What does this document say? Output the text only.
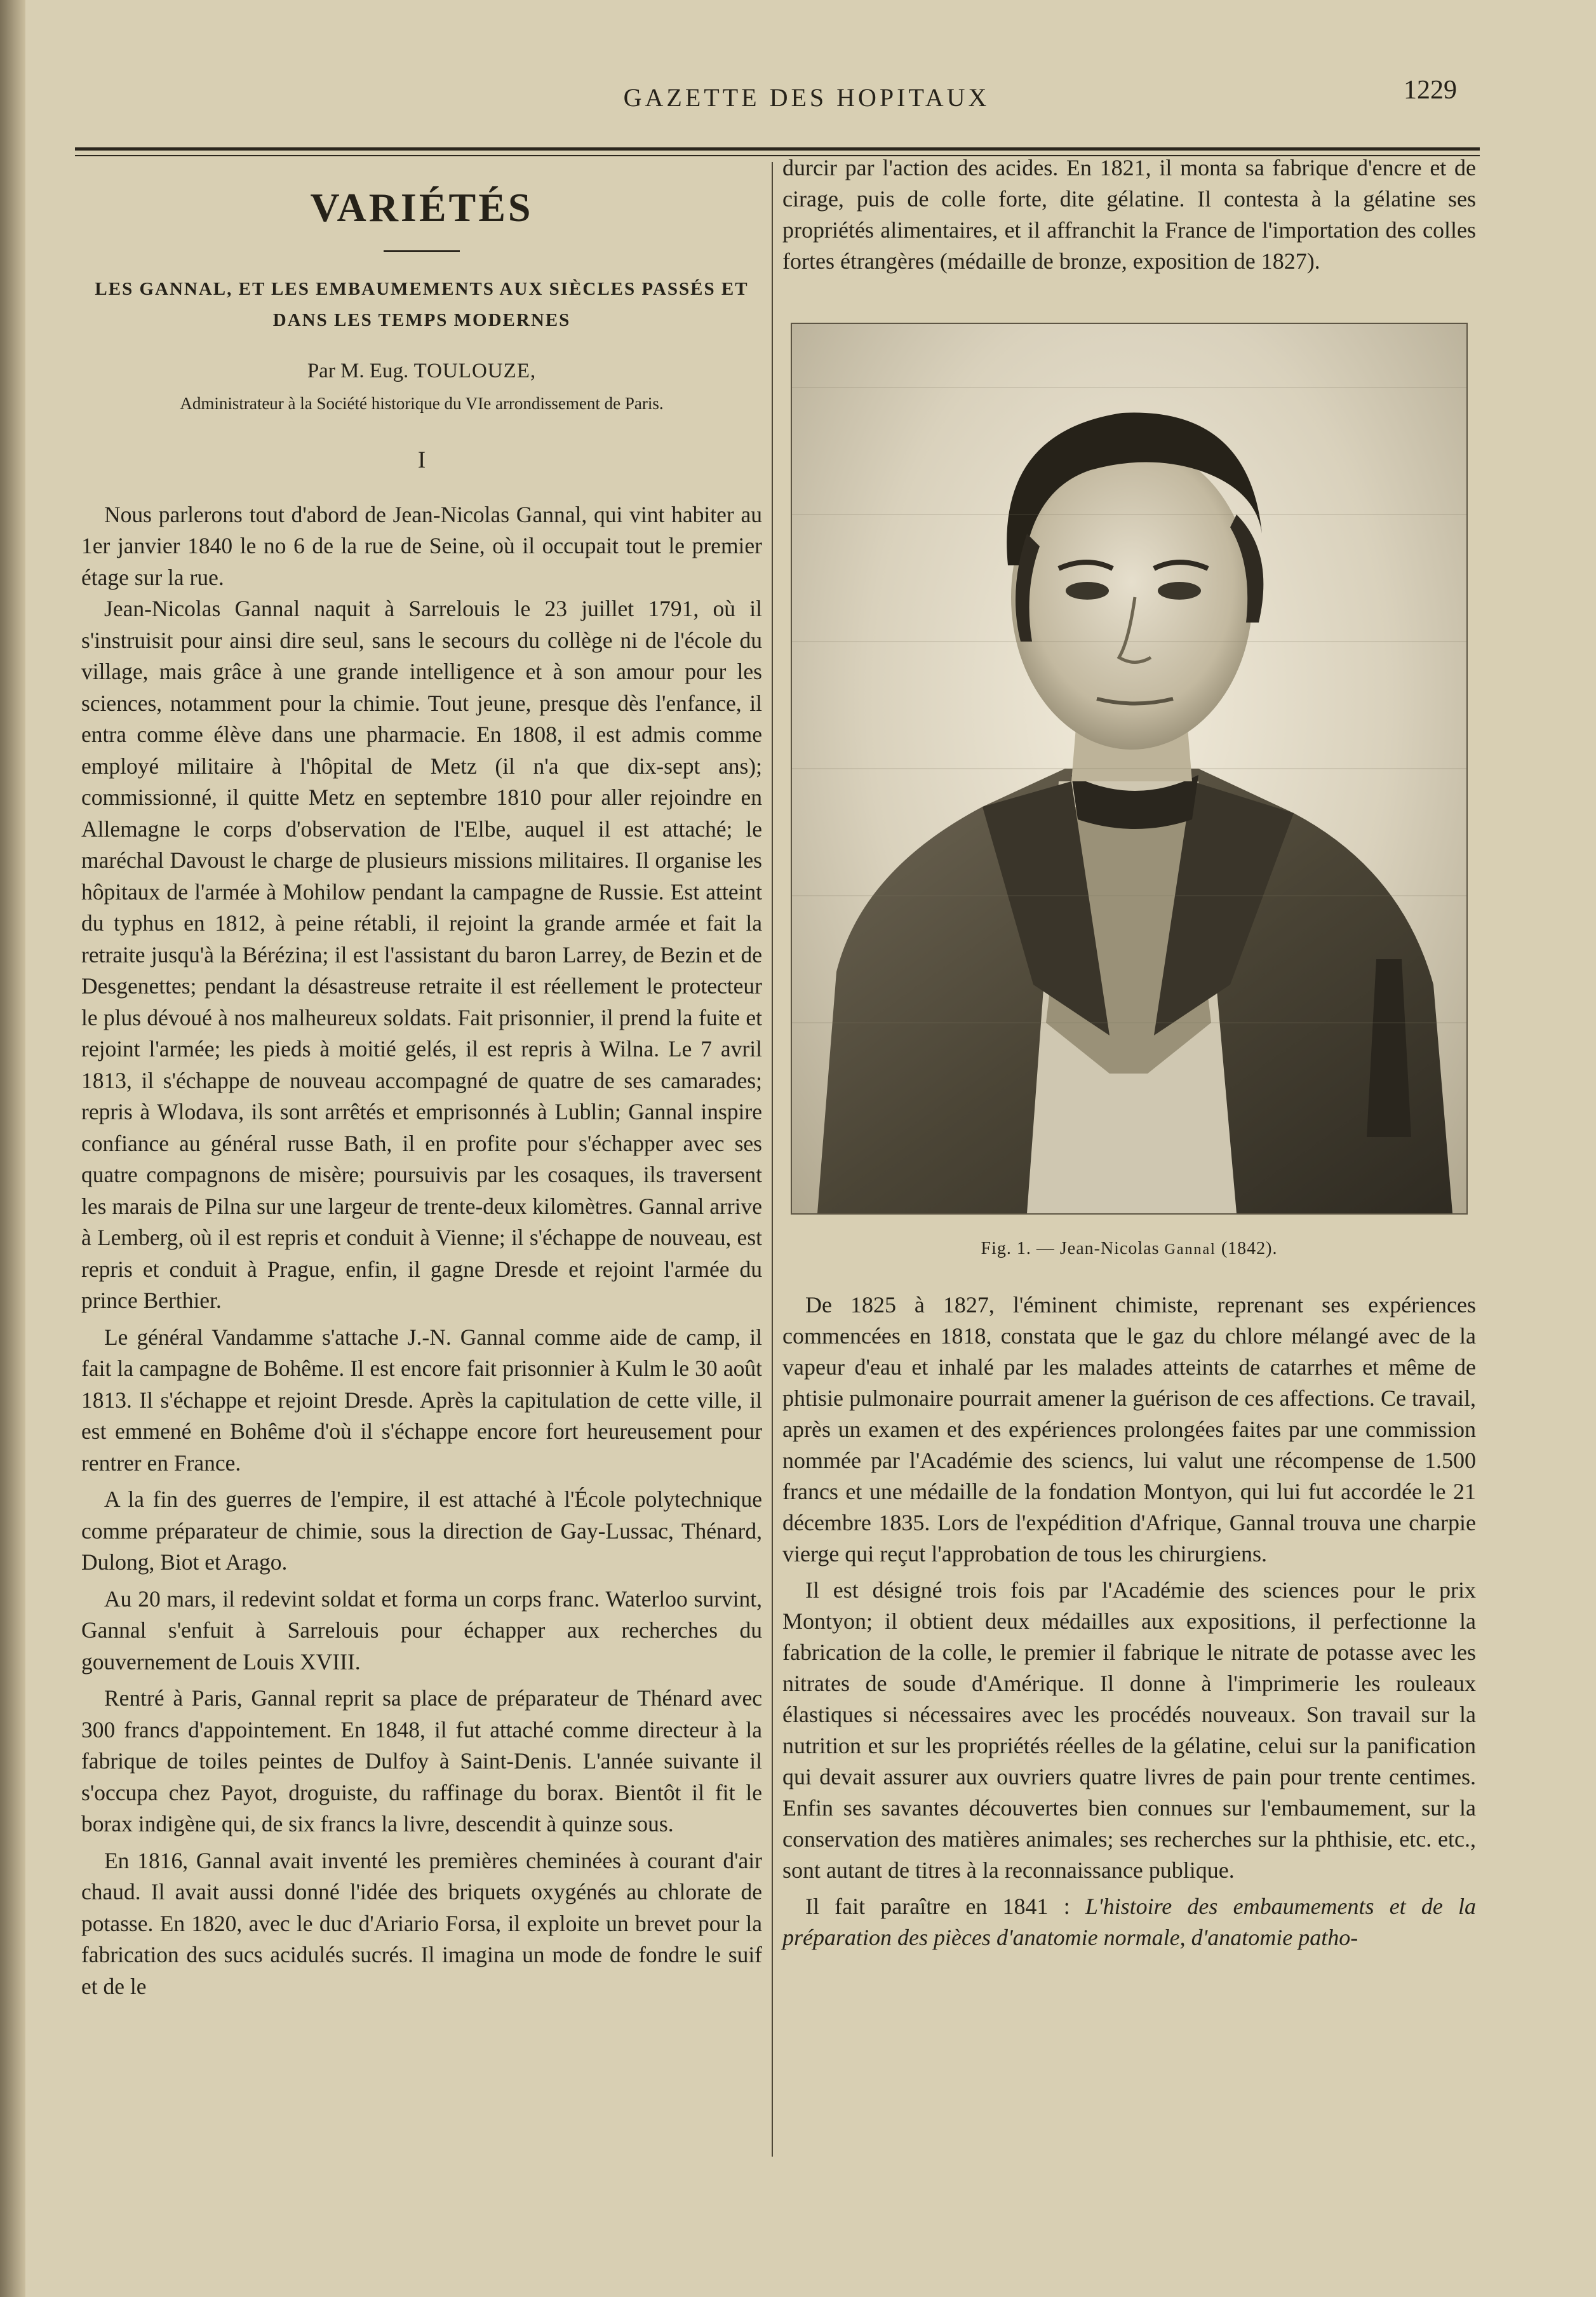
GAZETTE DES HOPITAUX	1229
VARIÉTÉS
LES GANNAL, ET LES EMBAUMEMENTS AUX SIÈCLES PASSÉS ET DANS LES TEMPS MODERNES
Par M. Eug. TOULOUZE,
Administrateur à la Société historique du VIe arrondissement de Paris.
I

Nous parlerons tout d'abord de Jean-Nicolas Gannal, qui vint habiter au 1er janvier 1840 le no 6 de la rue de Seine, où il occupait tout le premier étage sur la rue.

Jean-Nicolas Gannal naquit à Sarrelouis le 23 juillet 1791, où il s'instruisit pour ainsi dire seul, sans le secours du collège ni de l'école du village, mais grâce à une grande intelligence et à son amour pour les sciences, notamment pour la chimie. Tout jeune, presque dès l'enfance, il entra comme élève dans une pharmacie. En 1808, il est admis comme employé militaire à l'hôpital de Metz (il n'a que dix-sept ans); commissionné, il quitte Metz en septembre 1810 pour aller rejoindre en Allemagne le corps d'observation de l'Elbe, auquel il est attaché; le maréchal Davoust le charge de plusieurs missions militaires. Il organise les hôpitaux de l'armée à Mohilow pendant la campagne de Russie. Est atteint du typhus en 1812, à peine rétabli, il rejoint la grande armée et fait la retraite jusqu'à la Bérézina; il est l'assistant du baron Larrey, de Bezin et de Desgenettes; pendant la désastreuse retraite il est réellement le protecteur le plus dévoué à nos malheureux soldats. Fait prisonnier, il prend la fuite et rejoint l'armée; les pieds à moitié gelés, il est repris à Wilna. Le 7 avril 1813, il s'échappe de nouveau accompagné de quatre de ses camarades; repris à Wlodava, ils sont arrêtés et emprisonnés à Lublin; Gannal inspire confiance au général russe Bath, il en profite pour s'échapper avec ses quatre compagnons de misère; poursuivis par les cosaques, ils traversent les marais de Pilna sur une largeur de trente-deux kilomètres. Gannal arrive à Lemberg, où il est repris et conduit à Vienne; il s'échappe de nouveau, est repris et conduit à Prague, enfin, il gagne Dresde et rejoint l'armée du prince Berthier.

Le général Vandamme s'attache J.-N. Gannal comme aide de camp, il fait la campagne de Bohême. Il est encore fait prisonnier à Kulm le 30 août 1813. Il s'échappe et rejoint Dresde. Après la capitulation de cette ville, il est emmené en Bohême d'où il s'échappe encore fort heureusement pour rentrer en France.

A la fin des guerres de l'empire, il est attaché à l'École polytechnique comme préparateur de chimie, sous la direction de Gay-Lussac, Thénard, Dulong, Biot et Arago.

Au 20 mars, il redevint soldat et forma un corps franc. Waterloo survint, Gannal s'enfuit à Sarrelouis pour échapper aux recherches du gouvernement de Louis XVIII.

Rentré à Paris, Gannal reprit sa place de préparateur de Thénard avec 300 francs d'appointement. En 1848, il fut attaché comme directeur à la fabrique de toiles peintes de Dulfoy à Saint-Denis. L'année suivante il s'occupa chez Payot, droguiste, du raffinage du borax. Bientôt il fit le borax indigène qui, de six francs la livre, descendit à quinze sous.

En 1816, Gannal avait inventé les premières cheminées à courant d'air chaud. Il avait aussi donné l'idée des briquets oxygénés au chlorate de potasse. En 1820, avec le duc d'Ariario Forsa, il exploite un brevet pour la fabrication des sucs acidulés sucrés. Il imagina un mode de fondre le suif et de le

durcir par l'action des acides. En 1821, il monta sa fabrique d'encre et de cirage, puis de colle forte, dite gélatine. Il contesta à la gélatine ses propriétés alimentaires, et il affranchit la France de l'importation des colles fortes étrangères (médaille de bronze, exposition de 1827).

Fig. 1. — Jean-Nicolas Gannal (1842).

De 1825 à 1827, l'éminent chimiste, reprenant ses expériences commencées en 1818, constata que le gaz du chlore mélangé avec de la vapeur d'eau et inhalé par les malades atteints de catarrhes et même de phtisie pulmonaire pourrait amener la guérison de ces affections. Ce travail, après un examen et des expériences prolongées faites par une commission nommée par l'Académie des sciencs, lui valut une récompense de 1.500 francs et une médaille de la fondation Montyon, qui lui fut accordée le 21 décembre 1835. Lors de l'expédition d'Afrique, Gannal trouva une charpie vierge qui reçut l'approbation de tous les chirurgiens.

Il est désigné trois fois par l'Académie des sciences pour le prix Montyon; il obtient deux médailles aux expositions, il perfectionne la fabrication de la colle, le premier il fabrique le nitrate de potasse avec les nitrates de soude d'Amérique. Il donne à l'imprimerie les rouleaux élastiques si nécessaires avec les procédés nouveaux. Son travail sur la nutrition et sur les propriétés réelles de la gélatine, celui sur la panification qui devait assurer aux ouvriers quatre livres de pain pour trente centimes. Enfin ses savantes découvertes bien connues sur l'embaumement, sur la conservation des matières animales; ses recherches sur la phthisie, etc. etc., sont autant de titres à la reconnaissance publique.

Il fait paraître en 1841 : L'histoire des embaumements et de la préparation des pièces d'anatomie normale, d'anatomie patho-
